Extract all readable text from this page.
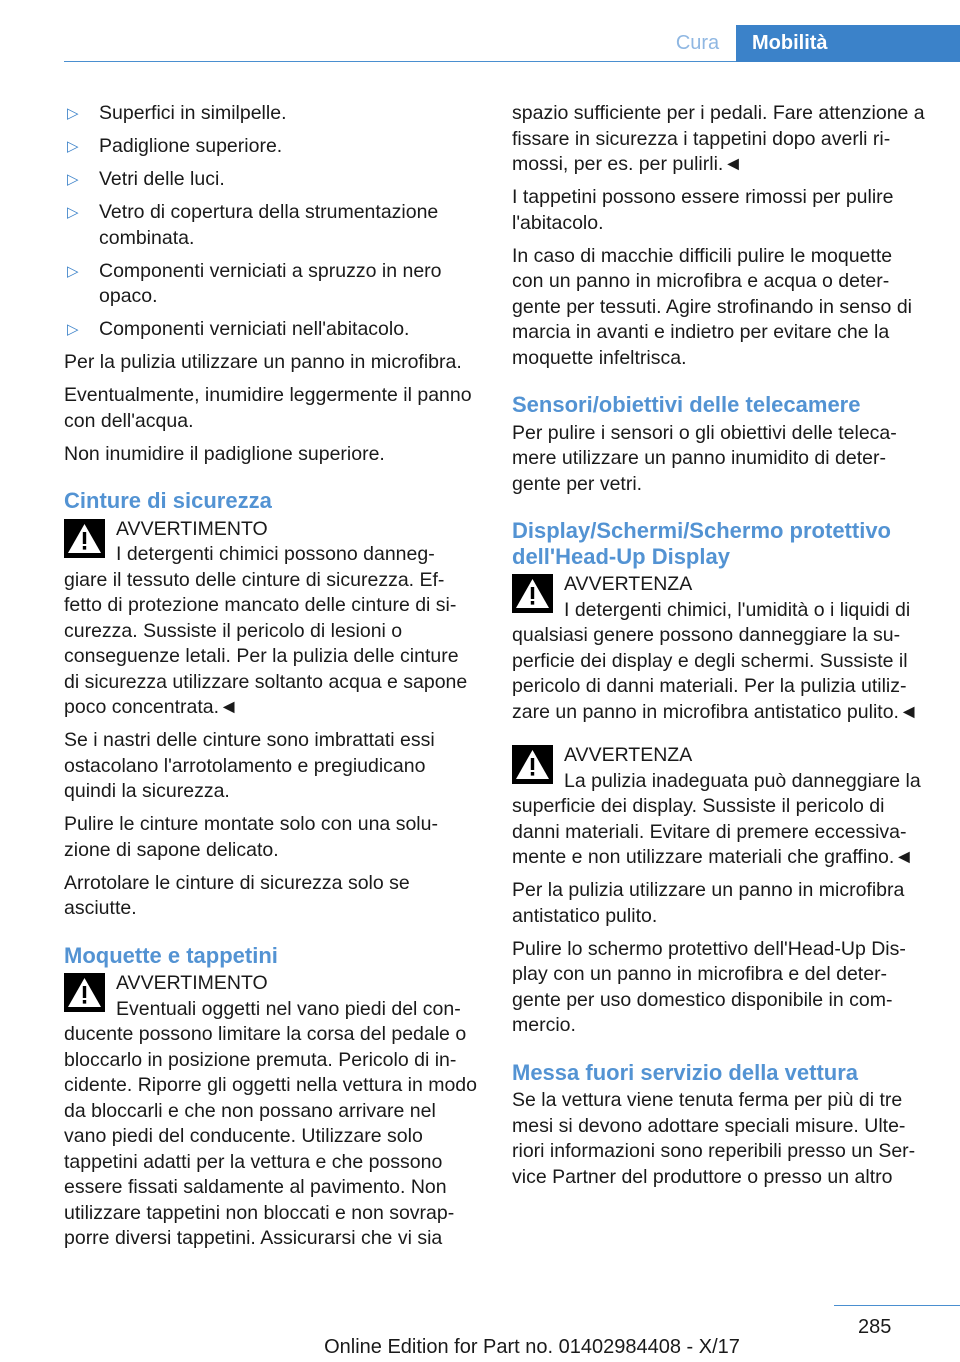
Cura	Mobilità
▷ Superfici in similpelle.
▷ Padiglione superiore.
▷ Vetri delle luci.
▷ Vetro di copertura della strumentazione combinata.
▷ Componenti verniciati a spruzzo in nero opaco.
▷ Componenti verniciati nell'abitacolo.

Per la pulizia utilizzare un panno in microfibra.

Eventualmente, inumidire leggermente il panno con dell'acqua.

Non inumidire il padiglione superiore.

Cinture di sicurezza
AVVERTIMENTO
I detergenti chimici possono danneg‐
giare il tessuto delle cinture di sicurezza. Ef‐fetto di protezione mancato delle cinture di si‐curezza. Sussiste il pericolo di lesioni o conseguenze letali. Per la pulizia delle cinture di sicurezza utilizzare soltanto acqua e sapone poco concentrata.◄

Se i nastri delle cinture sono imbrattati essi ostacolano l'arrotolamento e pregiudicano quindi la sicurezza.

Pulire le cinture montate solo con una solu‐zione di sapone delicato.

Arrotolare le cinture di sicurezza solo se asciutte.

Moquette e tappetini
AVVERTIMENTO
Eventuali oggetti nel vano piedi del con‐
ducente possono limitare la corsa del pedale o bloccarlo in posizione premuta. Pericolo di in‐cidente. Riporre gli oggetti nella vettura in modo da bloccarli e che non possano arrivare nel vano piedi del conducente. Utilizzare solo tappetini adatti per la vettura e che possono essere fissati saldamente al pavimento. Non utilizzare tappetini non bloccati e non sovrap‐porre diversi tappetini. Assicurarsi che vi sia

spazio sufficiente per i pedali. Fare attenzione a fissare in sicurezza i tappetini dopo averli ri‐mossi, per es. per pulirli.◄

I tappetini possono essere rimossi per pulire l'abitacolo.

In caso di macchie difficili pulire le moquette con un panno in microfibra e acqua o deter‐gente per tessuti. Agire strofinando in senso di marcia in avanti e indietro per evitare che la moquette infeltrisca.

Sensori/obiettivi delle telecamere

Per pulire i sensori o gli obiettivi delle teleca‐mere utilizzare un panno inumidito di deter‐gente per vetri.

Display/Schermi/Schermo protettivo dell'Head-Up Display
AVVERTENZA
I detergenti chimici, l'umidità o i liquidi di
qualsiasi genere possono danneggiare la su‐perficie dei display e degli schermi. Sussiste il pericolo di danni materiali. Per la pulizia utiliz‐zare un panno in microfibra antistatico pulito.◄
AVVERTENZA
La pulizia inadeguata può danneggiare la
superficie dei display. Sussiste il pericolo di danni materiali. Evitare di premere eccessiva‐mente e non utilizzare materiali che graffino.◄

Per la pulizia utilizzare un panno in microfibra antistatico pulito.

Pulire lo schermo protettivo dell'Head-Up Dis‐play con un panno in microfibra e del deter‐gente per uso domestico disponibile in com‐mercio.

Messa fuori servizio della vettura

Se la vettura viene tenuta ferma per più di tre mesi si devono adottare speciali misure. Ulte‐riori informazioni sono reperibili presso un Ser‐vice Partner del produttore o presso un altro

285
Online Edition for Part no. 01402984408 - X/17
